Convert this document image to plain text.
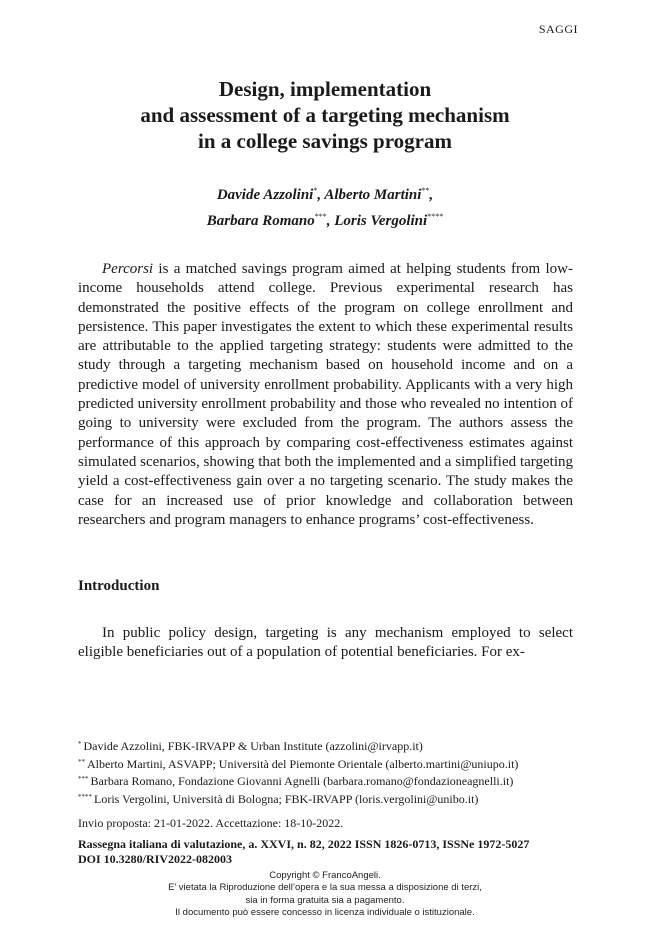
SAGGI
Design, implementation
and assessment of a targeting mechanism
in a college savings program
Davide Azzolini*, Alberto Martini**,
Barbara Romano***, Loris Vergolini****

Percorsi is a matched savings program aimed at helping students from low-income households attend college. Previous experimental research has demonstrated the positive effects of the program on college enrollment and persistence. This paper investigates the extent to which these experimental results are attributable to the applied targeting strategy: students were admitted to the study through a targeting mechanism based on household income and on a predictive model of university enrollment probability. Applicants with a very high predicted university enrollment probability and those who revealed no intention of going to university were excluded from the program. The authors assess the performance of this approach by comparing cost-effectiveness estimates against simulated scenarios, showing that both the implemented and a simplified targeting yield a cost-effectiveness gain over a no targeting scenario. The study makes the case for an increased use of prior knowledge and collaboration between researchers and program managers to enhance programs’ cost-effectiveness.

Introduction

In public policy design, targeting is any mechanism employed to select eligible beneficiaries out of a population of potential beneficiaries. For ex-

* Davide Azzolini, FBK-IRVAPP & Urban Institute (azzolini@irvapp.it)
** Alberto Martini, ASVAPP; Università del Piemonte Orientale (alberto.martini@uniupo.it)
*** Barbara Romano, Fondazione Giovanni Agnelli (barbara.romano@fondazioneagnelli.it)
**** Loris Vergolini, Università di Bologna; FBK-IRVAPP (loris.vergolini@unibo.it)
Invio proposta: 21-01-2022. Accettazione: 18-10-2022.
Rassegna italiana di valutazione, a. XXVI, n. 82, 2022 ISSN 1826-0713, ISSNe 1972-5027
DOI 10.3280/RIV2022-082003
Copyright © FrancoAngeli.
E’ vietata la Riproduzione dell’opera e la sua messa a disposizione di terzi,
sia in forma gratuita sia a pagamento.
Il documento può essere concesso in licenza individuale o istituzionale.
